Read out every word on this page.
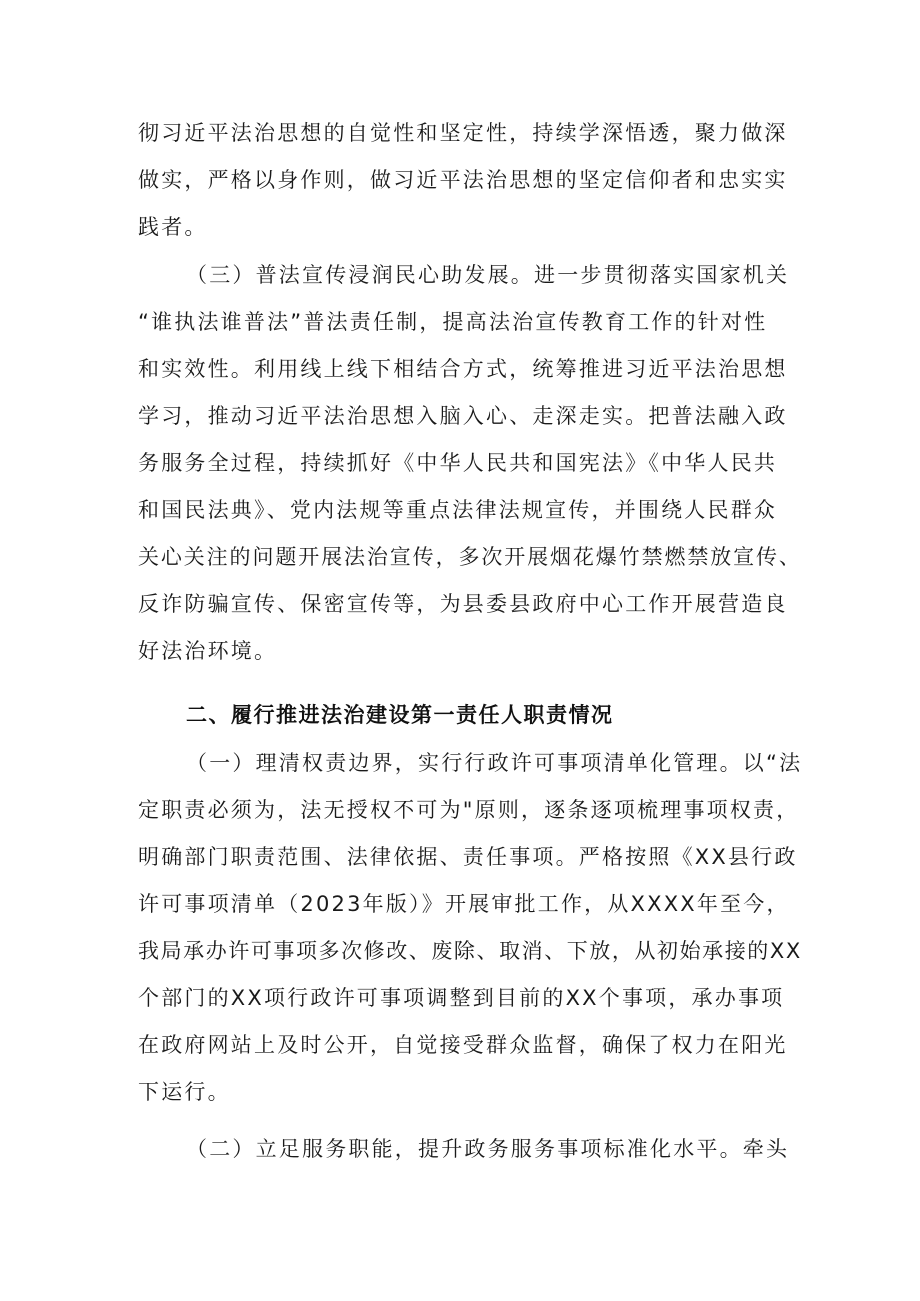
彻习近平法治思想的自觉性和坚定性，持续学深悟透，聚力做深
做实，严格以身作则，做习近平法治思想的坚定信仰者和忠实实
践者。
（三）普法宣传浸润民心助发展。进一步贯彻落实国家机关
“谁执法谁普法”普法责任制，提高法治宣传教育工作的针对性
和实效性。利用线上线下相结合方式，统筹推进习近平法治思想
学习，推动习近平法治思想入脑入心、走深走实。把普法融入政
务服务全过程，持续抓好《中华人民共和国宪法》《中华人民共
和国民法典》、党内法规等重点法律法规宣传，并围绕人民群众
关心关注的问题开展法治宣传，多次开展烟花爆竹禁燃禁放宣传、
反诈防骗宣传、保密宣传等，为县委县政府中心工作开展营造良
好法治环境。
二、履行推进法治建设第一责任人职责情况
（一）理清权责边界，实行行政许可事项清单化管理。以“法
定职责必须为，法无授权不可为"原则，逐条逐项梳理事项权责，
明确部门职责范围、法律依据、责任事项。严格按照《XX县行政
许可事项清单（2023年版）》开展审批工作，从XXXX年至今，
我局承办许可事项多次修改、废除、取消、下放，从初始承接的XX
个部门的XX项行政许可事项调整到目前的XX个事项，承办事项
在政府网站上及时公开，自觉接受群众监督，确保了权力在阳光
下运行。
（二）立足服务职能，提升政务服务事项标准化水平。牵头
